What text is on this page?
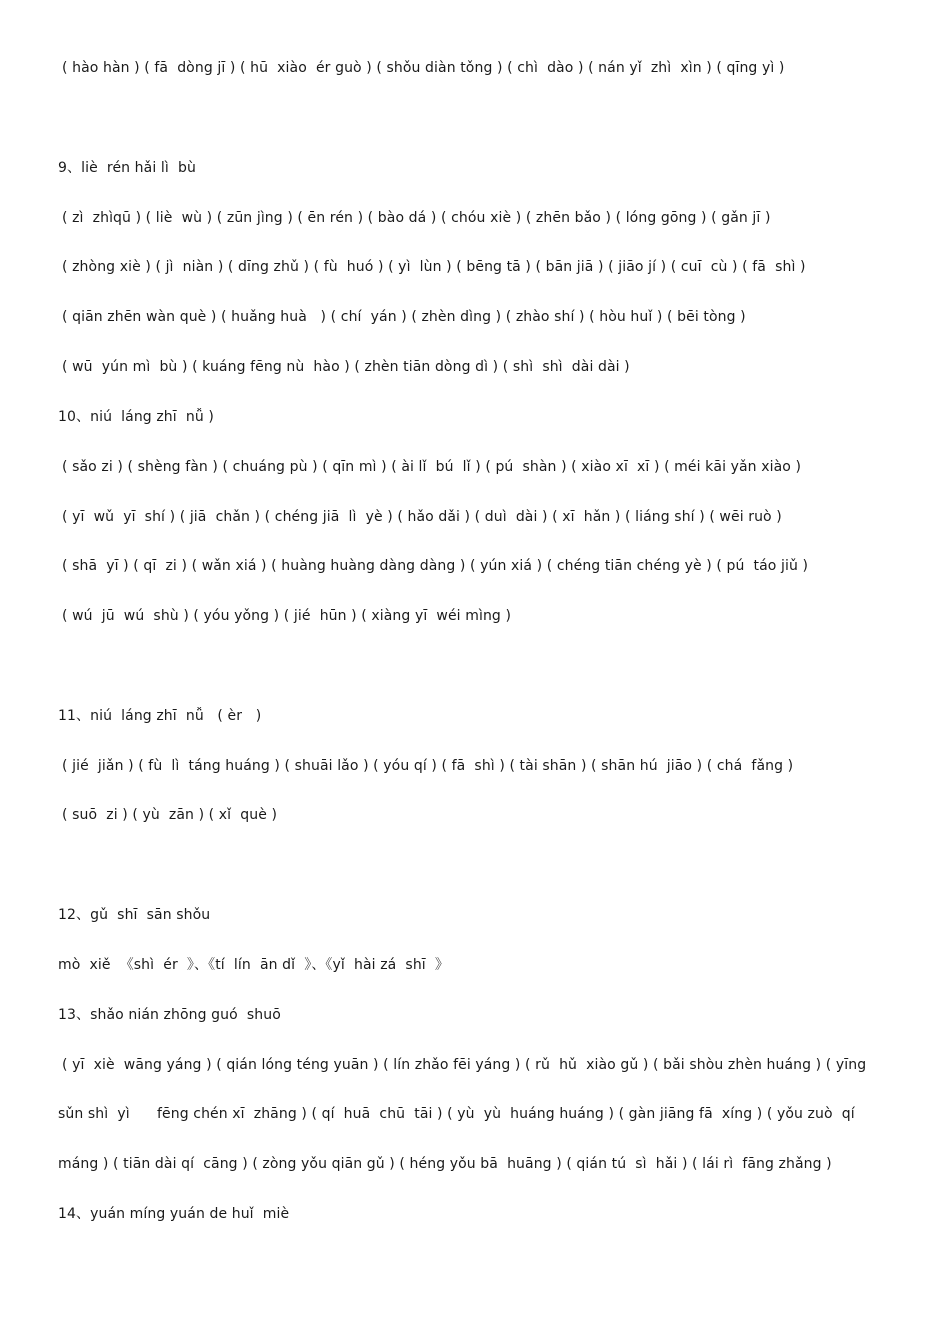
( hào hàn ) ( fā  dòng jī ) ( hū  xiào  ér guò ) ( shǒu diàn tǒng ) ( chì  dào ) ( nán yǐ  zhì  xìn ) ( qīng yì )
9、liè  rén hǎi lì  bù
( zì  zhìqū ) ( liè  wù ) ( zūn jìng ) ( ēn rén ) ( bào dá ) ( chóu xiè ) ( zhēn bǎo ) ( lóng gōng ) ( gǎn jī )
( zhòng xiè ) ( jì  niàn ) ( dīng zhǔ ) ( fù  huó ) ( yì  lùn ) ( bēng tā ) ( bān jiā ) ( jiāo jí ) ( cuī  cù ) ( fā  shì )
( qiān zhēn wàn què ) ( huǎng huà   ) ( chí  yán ) ( zhèn dìng ) ( zhào shí ) ( hòu huǐ ) ( bēi tòng )
( wū  yún mì  bù ) ( kuáng fēng nù  hào ) ( zhèn tiān dòng dì ) ( shì  shì  dài dài )
10、niú  láng zhī  nǚ )
( sǎo zi ) ( shèng fàn ) ( chuáng pù ) ( qīn mì ) ( ài lǐ  bú  lǐ ) ( pú  shàn ) ( xiào xī  xī ) ( méi kāi yǎn xiào )
( yī  wǔ  yī  shí ) ( jiā  chǎn ) ( chéng jiā  lì  yè ) ( hǎo dǎi ) ( duì  dài ) ( xī  hǎn ) ( liáng shí ) ( wēi ruò )
( shā  yī ) ( qī  zi ) ( wǎn xiá ) ( huàng huàng dàng dàng ) ( yún xiá ) ( chéng tiān chéng yè ) ( pú  táo jiǔ )
( wú  jū  wú  shù ) ( yóu yǒng ) ( jié  hūn ) ( xiàng yī  wéi mìng )
11、niú  láng zhī  nǚ   ( èr   )
( jié  jiǎn ) ( fù  lì  táng huáng ) ( shuāi lǎo ) ( yóu qí ) ( fā  shì ) ( tài shān ) ( shān hú  jiāo ) ( chá  fǎng )
( suō  zi ) ( yù  zān ) ( xǐ  què )
12、gǔ  shī  sān shǒu
mò  xiě  《shì  ér  》、《tí  lín  ān dǐ  》、《yǐ  hài zá  shī  》
13、shǎo nián zhōng guó  shuō
( yī  xiè  wāng yáng ) ( qián lóng téng yuān ) ( lín zhǎo fēi yáng ) ( rǔ  hǔ  xiào gǔ ) ( bǎi shòu zhèn huáng ) ( yīng
sǔn shì  yì      fēng chén xī  zhāng ) ( qí  huā  chū  tāi ) ( yù  yù  huáng huáng ) ( gàn jiāng fā  xíng ) ( yǒu zuò  qí
máng ) ( tiān dài qí  cāng ) ( zòng yǒu qiān gǔ ) ( héng yǒu bā  huāng ) ( qián tú  sì  hǎi ) ( lái rì  fāng zhǎng )
14、yuán míng yuán de huǐ  miè
